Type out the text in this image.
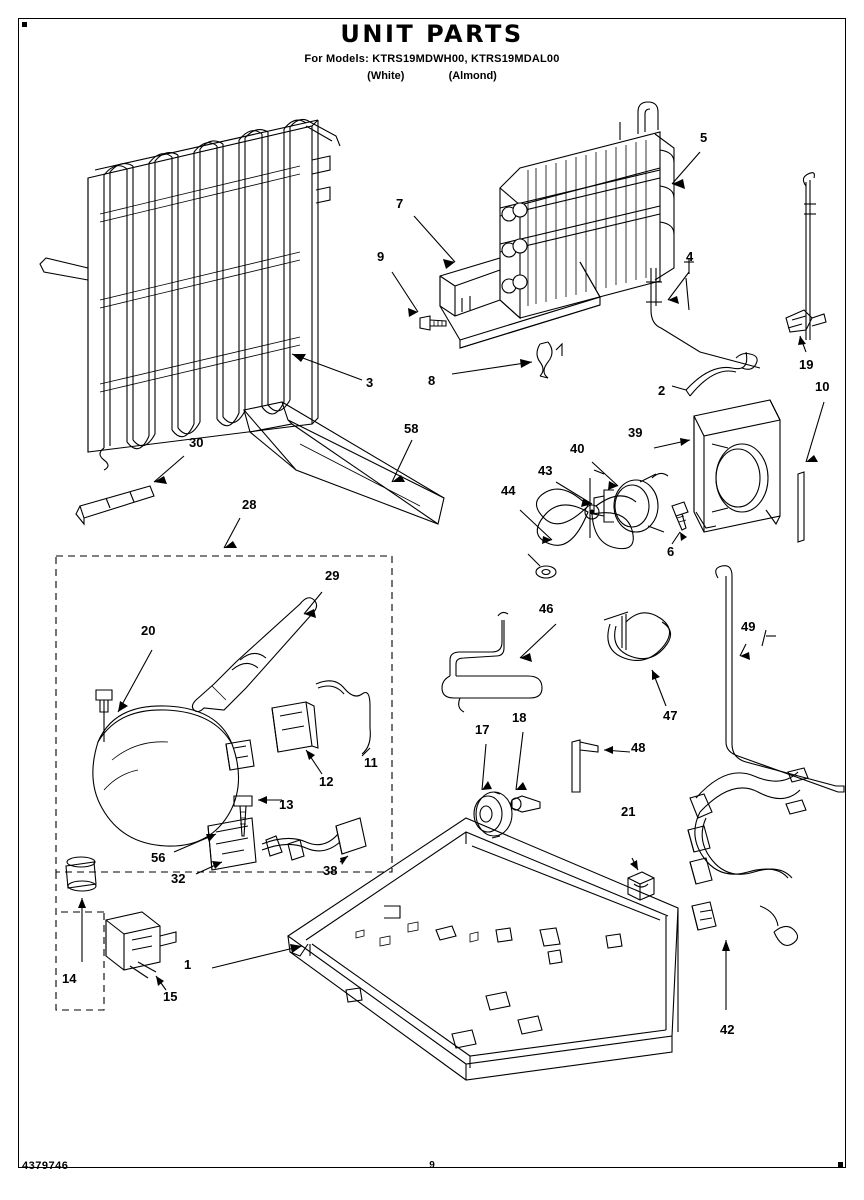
UNIT PARTS
For Models: KTRS19MDWH00, KTRS19MDAL00
(White)	(Almond)
1
2
3
4
5
6
7
8
9
10
11
12
13
14
15
17
18
19
20
21
28
29
30
32
38
39
40
42
43
44
46
47
48
49
56
58
4379746	9
